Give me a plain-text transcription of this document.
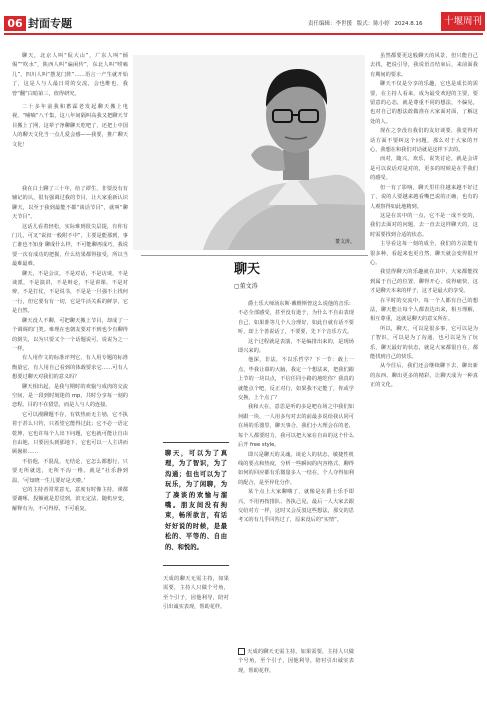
06 封面专题	责任编辑：李世援 版式：陈小婷 2024.8.16	十堰周刊

聊天，北京人叫“侃大山”，广东人叫“倾偈”“吹水”，陕西人叫“谝闲传”，东北人叫“唠嗑儿”，四川人叫“摆龙门阵”……语言一产生就开始了，这是人与人最日常的交流，会也维也，我曾“翻”白暗第三，值得研究。

二十多年前我和蓄霖老发起聊天搬上电视，“哺嘀”八千集，这八年间隔叫高我又把聊天节目搬上了网，这辈子净聊聊天吃吧了，还把上中国人的聊天文化当一点儿爱会感——我要，推广聊天文化！

我在白土聊了三十年，给了谭生，非要没有有辅记的认，很有强调过我的节目，让大家重新认识聊天，以至于我到最能不都“谈话节目”，就叫“聊天节目”。

这话儿看着轻松，实际难到很尖层提，有你有门儿，可叉“说叔一般附不中”，主要是能那到，事亡谁也不知身 聊成什么样，不可能聊再成巧，我说要一次有成功的把握，什么结果都得接受，所以当最难最难。

聊天，不是会议，不是对话，不是访谈，不是谈派，不是演讲，不是辩论，不是讲课，不是对辩，不是打仗，不是说书，不是是一旦强不上找何一行，但它要有有一切，它是牛活关系的鲜享，它是自然。

聊天没人不聊，可把聊天搬上节目，却成了一个调调的门类。难理在也朝友要对不到也少有聊得的倒失，以为只要又个一个话题说可，说说为之一一样。

有人用作文的标准评判它，有人用专题的标准衡量它，有人用自己看到的体载要求它……可有人想要过聊天对我们的意义吗？

聊天相出起，是我与期时的欢愉与成肉的交流空间，是一段到时刻迷的 mp，共时分享每一刻的恋程。目的不在猎思，而是人与人的连接。

它可以漫聊题不存，有铁热而无主劬，它不执着于甚么只钓，只希望它能得过此；它不必一语定乾坤，它也许每个人出下问题，它也就可能让自由自由地，只要因头到那地下，它也可以一人主讲而顾愚彰……

不俗他，不混乱，无结论，它怎么都想行，只要无所就选，无所不沟一格。就是“社乐静到温、‘可知晓一生儿要好是天啦。’

它的主持者常常意无，意度有时像主持，谨都要谢啄，投额就是思觉到，滨无定法，随机应变，解释有为，不可得厚，不可重复。

董文涛。
聊天
▢董文涛

天成的聊天无需主持，如果需要，主持人只做个号角，至个引子，因他利导，陪衬引出诚实表现，帮助花样。

聊天，可以为了真理，为了智识，为了沟通；但也可以为了玩乐，为了闲聊，为了凑谈的欢愉与溜嘴。朋友间没有拘束，畅所欲言，有话好好说的时候，是最松的、平等的、自由的、和悦的。

爵士乐大师汤东斯·戴维斯曾这么说他的音乐：不必全部感受，甚至没有逝于，为什么不自由表现自己，如果准等几个人合理好，如此自就有话不要听，却上个善说话了，不要要，先下个音乐方式。

这个过程就是表演，不是编排出来的，是现场即兴来的。

他深，非法，不以乐哲学？下一节：载上一点，毕我让幕的大脑，我定一个想法来，把我们跟上节的一块以点，不信任同小路的地吃你？我真的就能点个吧，反正对行，如果我不定能了，你或学交换，上个点了？

我和大在，意思是听的多是吧在场之中我们如何跟一块，一人用多句对去的前最多说给我认同可在场的乐器里，聊天事合，我们小大理会在的老，每个人都要时力，我可以把大家在自由的这个什么后开 free style。

即兴是聊天的灵魂。谈论人的状态，敏捷性机线的要点和热度，分析一些瞬间的内容格式，聊得如何的回应都有乐微量多人一结在，个人夺得加利的配合，是至异化分作。

某个点上大家聊嗨了，就像是在爵士乐手即兴，不用再按排队、各执己见，最后一人大家去跟交给对方一样，这时又会反驳这些想法，那交的思考又的有几乎回答过了，原来没后的“实情”。

天成的聊天无需主持，如果需要，主持人只做个号角，至个引子，因他利导，陪衬引出诚实表现，帮助花样。

虽然都要更这般聊天的风景，但只能自己去找，把说引导，我说语音结束后，来前面我有期间的要求。

聊天不仅是分享的乐趣，它也是成长的需要，在主持人看来，成为最受欢迎的主要，要留意的心态，就是尊重不同的想法，不偏见，也对自己的想法敢做准在大家面对面，了解这处的人。

现在之李没有我们的友好谈要，我觉得对话方面不要纠这个问题，那么对于大家的开心，我想在和我们对话就是这样下去的。

而对，随兴，欢乐，说笑讨论，就是会讲是可以说话对是对的，更多的时候是在乎我们的感受。

但一有了影响，聊天里往往越来越不好过了，说的人要越来越看嘴巴说的正确，也有的人观察得如此地精到。

这是在其中的一点，它不是一成不变的，我们去面对的问题，去一直去这样聊天的，这时需要找到合适的状态。

主导看这每一刻的成全，我们的方法能有很多种，看起来也更自然，聊天就会变得很开心。

我觉得聊天的乐趣就在其中，大家都能找到属于自己的位置，聊得开心，说得痛快，这才是聊天本来的样子，这才是最大的享受。

在平时的交流中，每一个人都有自己的想法，聊天能让每个人都表达出来，相互理解，相互尊重，这就是聊天的意义所在。

所以，聊天，可以是很多事，它可以是为了智识，可以是为了沟通，也可以是为了玩乐，聊天最好的状态，就是大家都很自在，都能找到自己的快乐。

从今往后，我们还会继续聊下去，聊出新的东西，聊出更多的精彩，让聊天成为一种真正的文化。
